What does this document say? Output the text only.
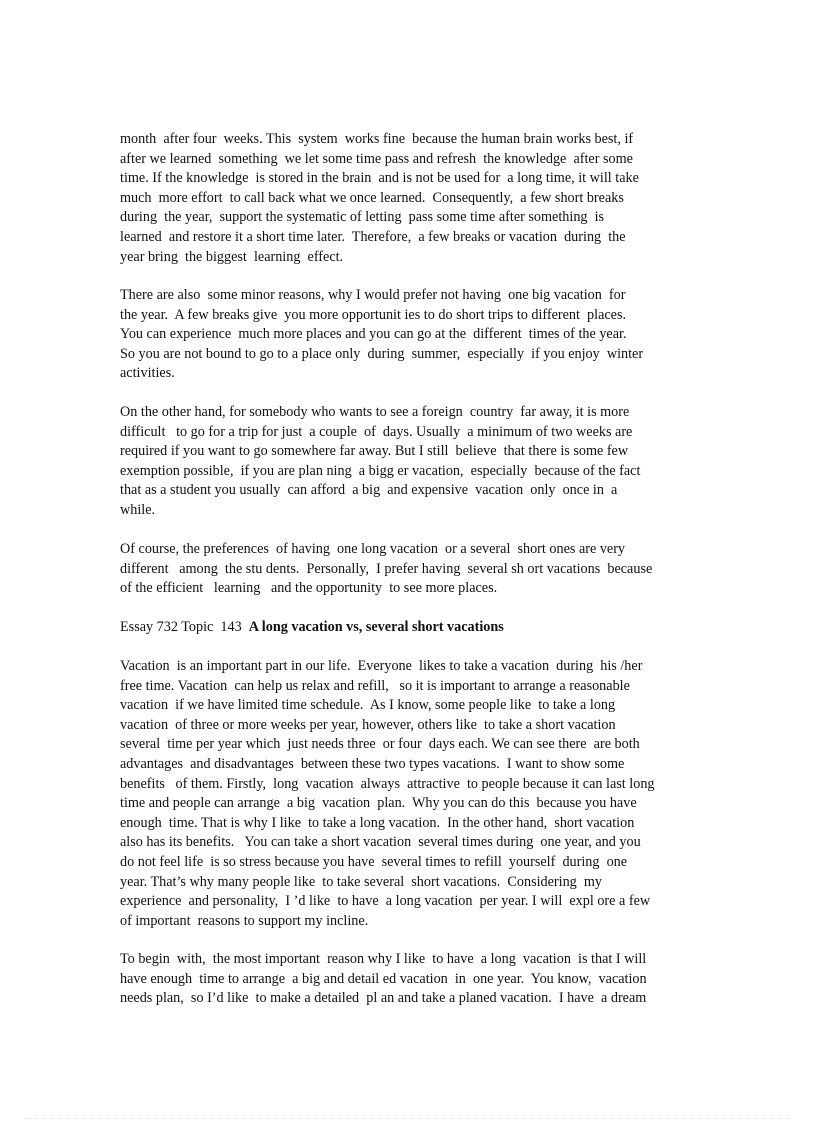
month  after four  weeks. This  system  works fine  because the human brain works best, if
after we learned  something  we let some time pass and refresh  the knowledge  after some
time. If the knowledge  is stored in the brain  and is not be used for  a long time, it will take
much  more effort  to call back what we once learned.  Consequently,  a few short breaks
during  the year,  support the systematic of letting  pass some time after something  is
learned  and restore it a short time later.  Therefore,  a few breaks or vacation  during  the
year bring  the biggest  learning  effect.
There are also  some minor reasons, why I would prefer not having  one big vacation  for
the year.  A few breaks give  you more opportunit ies to do short trips to different  places.
You can experience  much more places and you can go at the  different  times of the year.
So you are not bound to go to a place only  during  summer,  especially  if you enjoy  winter
activities.
On the other hand, for somebody who wants to see a foreign  country  far away, it is more
difficult   to go for a trip for just  a couple  of  days. Usually  a minimum of two weeks are
required if you want to go somewhere far away. But I still  believe  that there is some few
exemption possible,  if you are plan ning  a bigg er vacation,  especially  because of the fact
that as a student you usually  can afford  a big  and expensive  vacation  only  once in  a
while.
Of course, the preferences  of having  one long vacation  or a several  short ones are very
different   among  the stu dents.  Personally,  I prefer having  several sh ort vacations  because
of the efficient   learning   and the opportunity  to see more places.
Essay 732 Topic  143  A long vacation vs, several short vacations
Vacation  is an important part in our life.  Everyone  likes to take a vacation  during  his /her
free time. Vacation  can help us relax and refill,   so it is important to arrange a reasonable
vacation  if we have limited time schedule.  As I know, some people like  to take a long
vacation  of three or more weeks per year, however, others like  to take a short vacation
several  time per year which  just needs three  or four  days each. We can see there  are both
advantages  and disadvantages  between these two types vacations.  I want to show some
benefits   of them. Firstly,  long  vacation  always  attractive  to people because it can last long
time and people can arrange  a big  vacation  plan.  Why you can do this  because you have
enough  time. That is why I like  to take a long vacation.  In the other hand,  short vacation
also has its benefits.   You can take a short vacation  several times during  one year, and you
do not feel life  is so stress because you have  several times to refill  yourself  during  one
year. That’s why many people like  to take several  short vacations.  Considering  my
experience  and personality,  I ’d like  to have  a long vacation  per year. I will  expl ore a few
of important  reasons to support my incline.
To begin  with,  the most important  reason why I like  to have  a long  vacation  is that I will
have enough  time to arrange  a big and detail ed vacation  in  one year.  You know,  vacation
needs plan,  so I’d like  to make a detailed  pl an and take a planed vacation.  I have  a dream
